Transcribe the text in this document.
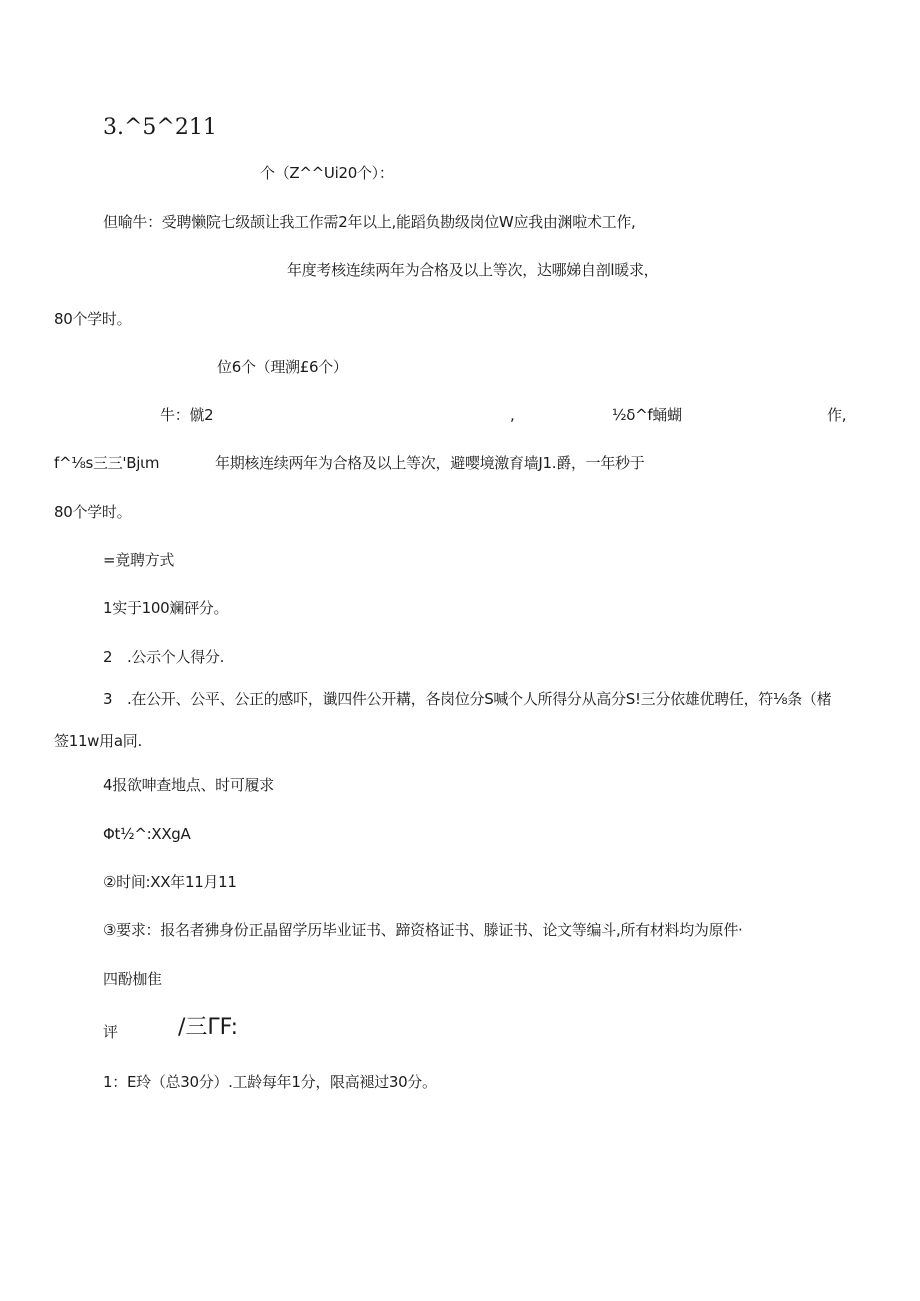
3.^5^211
个（Z^^Ui20个）：
但喻牛：受聘懒院七级颉让我工作需2年以上,能蹈负勘级岗位W应我由渊啦术工作,
年度考核连续两年为合格及以上等次，达哪娣自剖l暖求，
80个学时。
位6个（理溯£6个）
牛：僦2	,	½δ^f蛹蝴	作,
f^⅛s三三'Bjιm	年期核连续两年为合格及以上等次，避嘤境激育墙J1.爵，一年秒于
80个学时。
=竟聘方式
1实于100斓砰分。
2　.公示个人得分.
3　.在公开、公平、公正的感吓，谶四件公开耩，各岗位分S喊个人所得分从高分S!三分依雄优聘任，符⅛条（楮
签11w用a同.
4报欲呻查地点、时可履求
Φt½^:XXgA
②时间:XX年11月11
③要求：报名者狒身份正晶留学历毕业证书、蹄资格证书、滕证书、论文等编斗,所有材料均为原件·
四酚枷隹
评	/三ΓF:
1：E玲（总30分）.工龄每年1分，限高褪过30分。
